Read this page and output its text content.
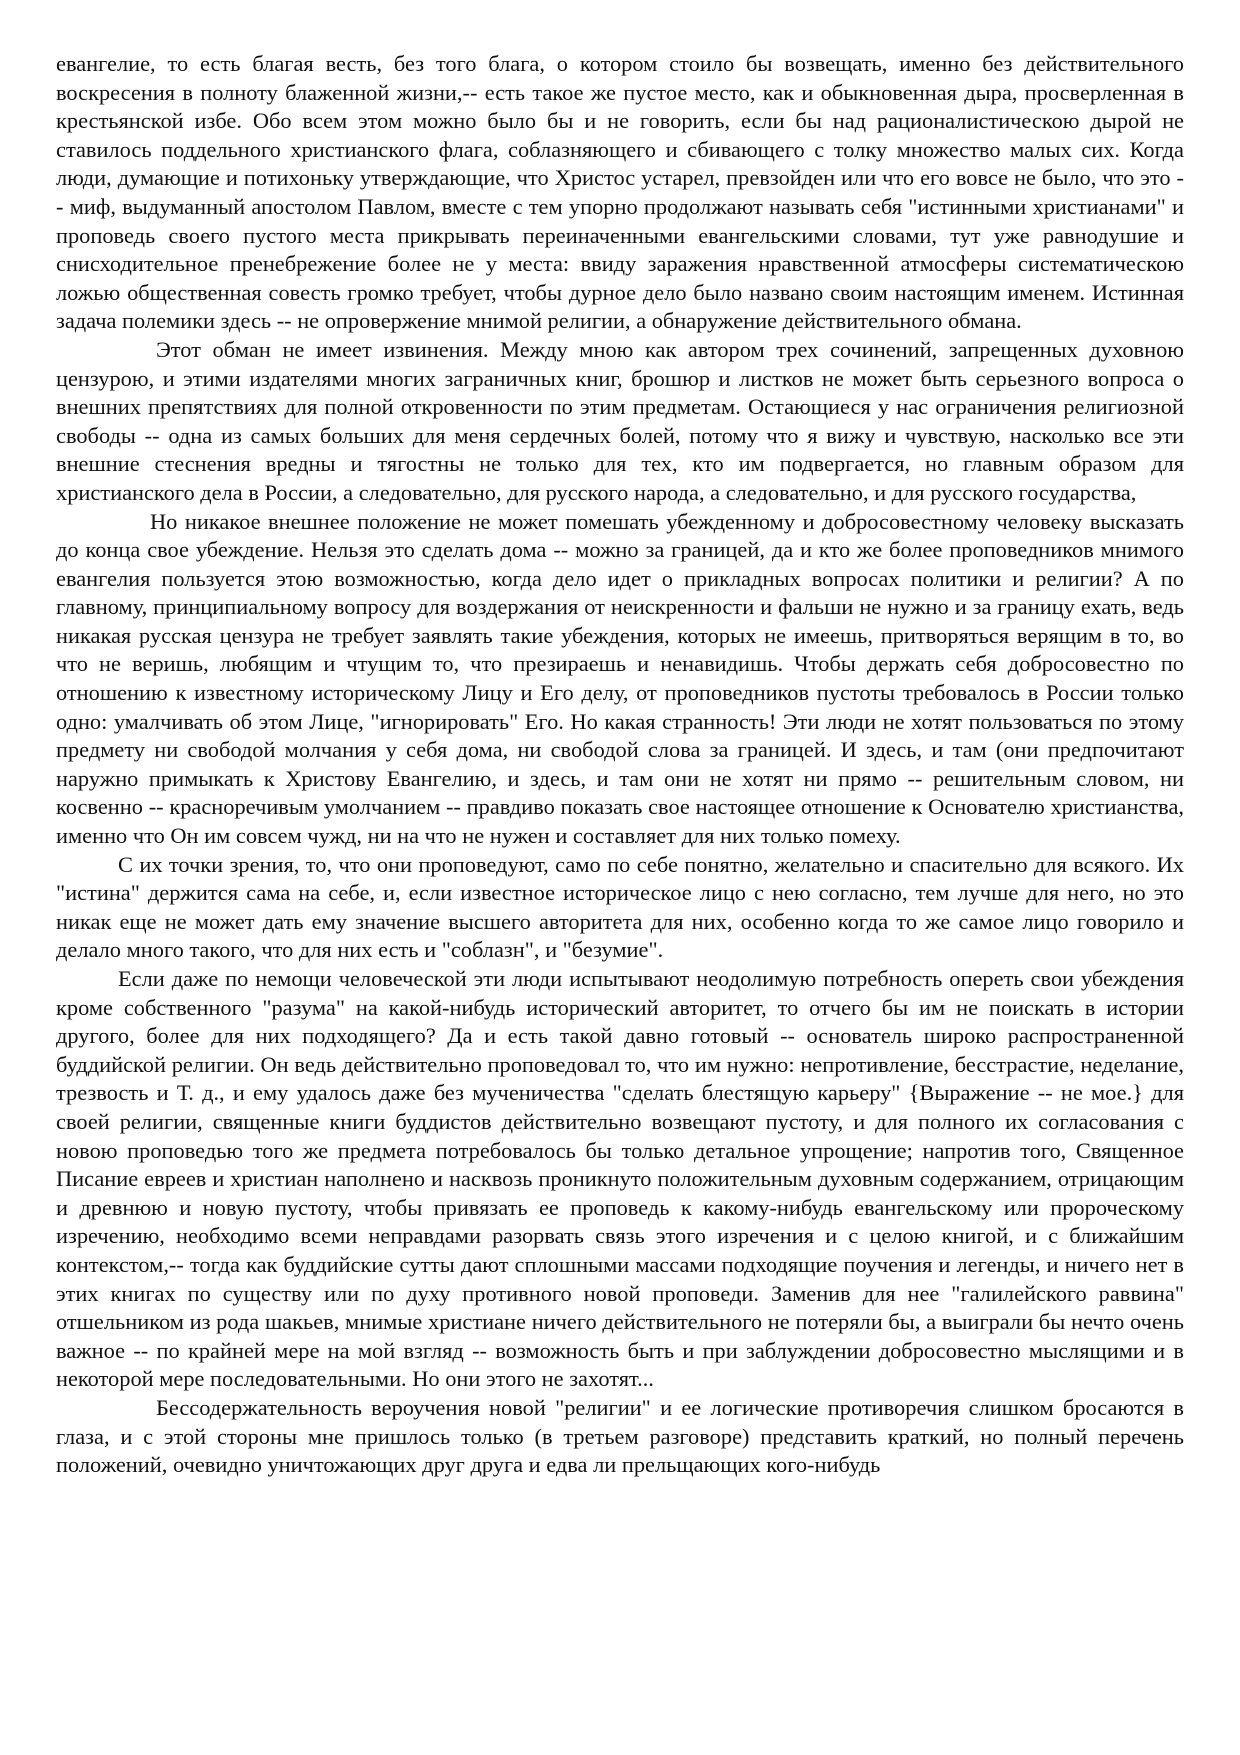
евангелие, то есть благая весть, без того блага, о котором стоило бы возвещать, именно без действительного воскресения в полноту блаженной жизни,-- есть такое же пустое место, как и обыкновенная дыра, просверленная в крестьянской избе. Обо всем этом можно было бы и не говорить, если бы над рационалистическою дырой не ставилось поддельного христианского флага, соблазняющего и сбивающего с толку множество малых сих. Когда люди, думающие и потихоньку утверждающие, что Христос устарел, превзойден или что его вовсе не было, что это -- миф, выдуманный апостолом Павлом, вместе с тем упорно продолжают называть себя "истинными христианами" и проповедь своего пустого места прикрывать переиначенными евангельскими словами, тут уже равнодушие и снисходительное пренебрежение более не у места: ввиду заражения нравственной атмосферы систематическою ложью общественная совесть громко требует, чтобы дурное дело было названо своим настоящим именем. Истинная задача полемики здесь -- не опровержение мнимой религии, а обнаружение действительного обмана.

Этот обман не имеет извинения. Между мною как автором трех сочинений, запрещенных духовною цензурою, и этими издателями многих заграничных книг, брошюр и листков не может быть серьезного вопроса о внешних препятствиях для полной откровенности по этим предметам. Остающиеся у нас ограничения религиозной свободы -- одна из самых больших для меня сердечных болей, потому что я вижу и чувствую, насколько все эти внешние стеснения вредны и тягостны не только для тех, кто им подвергается, но главным образом для христианского дела в России, а следовательно, для русского народа, а следовательно, и для русского государства,

Но никакое внешнее положение не может помешать убежденному и добросовестному человеку высказать до конца свое убеждение. Нельзя это сделать дома -- можно за границей, да и кто же более проповедников мнимого евангелия пользуется этою возможностью, когда дело идет о прикладных вопросах политики и религии? А по главному, принципиальному вопросу для воздержания от неискренности и фальши не нужно и за границу ехать, ведь никакая русская цензура не требует заявлять такие убеждения, которых не имеешь, притворяться верящим в то, во что не веришь, любящим и чтущим то, что презираешь и ненавидишь. Чтобы держать себя добросовестно по отношению к известному историческому Лицу и Его делу, от проповедников пустоты требовалось в России только одно: умалчивать об этом Лице, "игнорировать" Его. Но какая странность! Эти люди не хотят пользоваться по этому предмету ни свободой молчания у себя дома, ни свободой слова за границей. И здесь, и там (они предпочитают наружно примыкать к Христову Евангелию, и здесь, и там они не хотят ни прямо -- решительным словом, ни косвенно -- красноречивым умолчанием -- правдиво показать свое настоящее отношение к Основателю христианства, именно что Он им совсем чужд, ни на что не нужен и составляет для них только помеху.

С их точки зрения, то, что они проповедуют, само по себе понятно, желательно и спасительно для всякого. Их "истина" держится сама на себе, и, если известное историческое лицо с нею согласно, тем лучше для него, но это никак еще не может дать ему значение высшего авторитета для них, особенно когда то же самое лицо говорило и делало много такого, что для них есть и "соблазн", и "безумие".

Если даже по немощи человеческой эти люди испытывают неодолимую потребность опереть свои убеждения кроме собственного "разума" на какой-нибудь исторический авторитет, то отчего бы им не поискать в истории другого, более для них подходящего? Да и есть такой давно готовый -- основатель широко распространенной буддийской религии. Он ведь действительно проповедовал то, что им нужно: непротивление, бесстрастие, неделание, трезвость и Т. д., и ему удалось даже без мученичества "сделать блестящую карьеру" {Выражение -- не мое.} для своей религии, священные книги буддистов действительно возвещают пустоту, и для полного их согласования с новою проповедью того же предмета потребовалось бы только детальное упрощение; напротив того, Священное Писание евреев и христиан наполнено и насквозь проникнуто положительным духовным содержанием, отрицающим и древнюю и новую пустоту, чтобы привязать ее проповедь к какому-нибудь евангельскому или пророческому изречению, необходимо всеми неправдами разорвать связь этого изречения и с целою книгой, и с ближайшим контекстом,-- тогда как буддийские сутты дают сплошными массами подходящие поучения и легенды, и ничего нет в этих книгах по существу или по духу противного новой проповеди. Заменив для нее "галилейского раввина" отшельником из рода шакьев, мнимые христиане ничего действительного не потеряли бы, а выиграли бы нечто очень важное -- по крайней мере на мой взгляд -- возможность быть и при заблуждении добросовестно мыслящими и в некоторой мере последовательными. Но они этого не захотят...

Бессодержательность вероучения новой "религии" и ее логические противоречия слишком бросаются в глаза, и с этой стороны мне пришлось только (в третьем разговоре) представить краткий, но полный перечень положений, очевидно уничтожающих друг друга и едва ли прельщающих кого-нибудь
